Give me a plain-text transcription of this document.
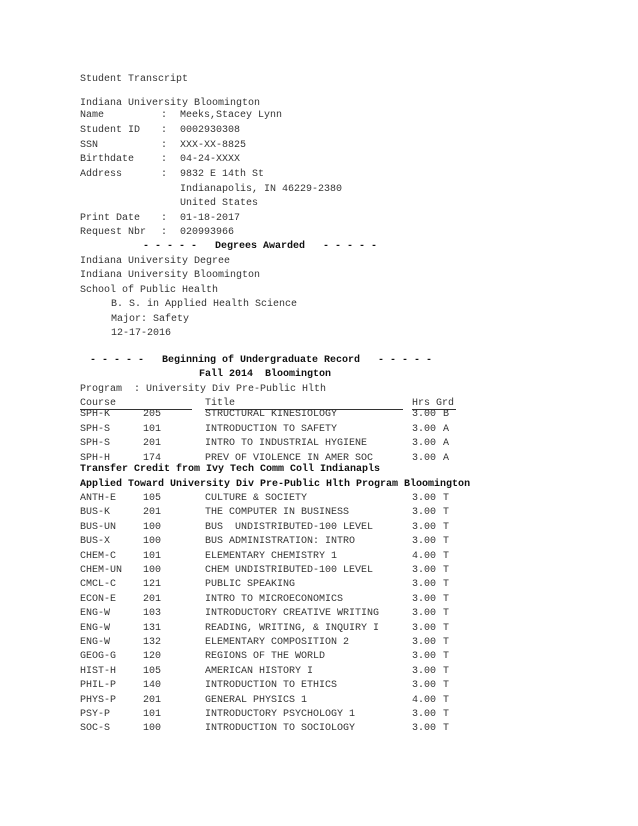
Student Transcript
Indiana University Bloomington
Name	: Meeks,Stacey Lynn
Student ID : 0002930308
SSN	: XXX-XX-8825
Birthdate	: 04-24-XXXX
Address	: 9832 E 14th St
Indianapolis, IN 46229-2380
United States
Print Date : 01-18-2017
Request Nbr : 020993966
- - - - -   Degrees Awarded   - - - - -
Indiana University Degree
Indiana University Bloomington
School of Public Health
B. S. in Applied Health Science
Major: Safety
12-17-2016
- - - - -   Beginning of Undergraduate Record   - - - - -
Fall 2014  Bloomington
Program  : University Div Pre-Public Hlth
Course	Title	Hrs Grd
SPH-K	205	STRUCTURAL KINESIOLOGY	3.00 B
SPH-S	101	INTRODUCTION TO SAFETY	3.00 A
SPH-S	201	INTRO TO INDUSTRIAL HYGIENE	3.00 A
SPH-H	174	PREV OF VIOLENCE IN AMER SOC	3.00 A
Transfer Credit from Ivy Tech Comm Coll Indianapls
Applied Toward University Div Pre-Public Hlth Program Bloomington
ANTH-E	105	CULTURE & SOCIETY	3.00 T
BUS-K	201	THE COMPUTER IN BUSINESS	3.00 T
BUS-UN	100	BUS  UNDISTRIBUTED-100 LEVEL	3.00 T
BUS-X	100	BUS ADMINISTRATION: INTRO	3.00 T
CHEM-C	101	ELEMENTARY CHEMISTRY 1	4.00 T
CHEM-UN 100	CHEM UNDISTRIBUTED-100 LEVEL	3.00 T
CMCL-C	121	PUBLIC SPEAKING	3.00 T
ECON-E	201	INTRO TO MICROECONOMICS	3.00 T
ENG-W	103	INTRODUCTORY CREATIVE WRITING	3.00 T
ENG-W	131	READING, WRITING, & INQUIRY I	3.00 T
ENG-W	132	ELEMENTARY COMPOSITION 2	3.00 T
GEOG-G	120	REGIONS OF THE WORLD	3.00 T
HIST-H	105	AMERICAN HISTORY I	3.00 T
PHIL-P	140	INTRODUCTION TO ETHICS	3.00 T
PHYS-P	201	GENERAL PHYSICS 1	4.00 T
PSY-P	101	INTRODUCTORY PSYCHOLOGY 1	3.00 T
SOC-S	100	INTRODUCTION TO SOCIOLOGY	3.00 T
